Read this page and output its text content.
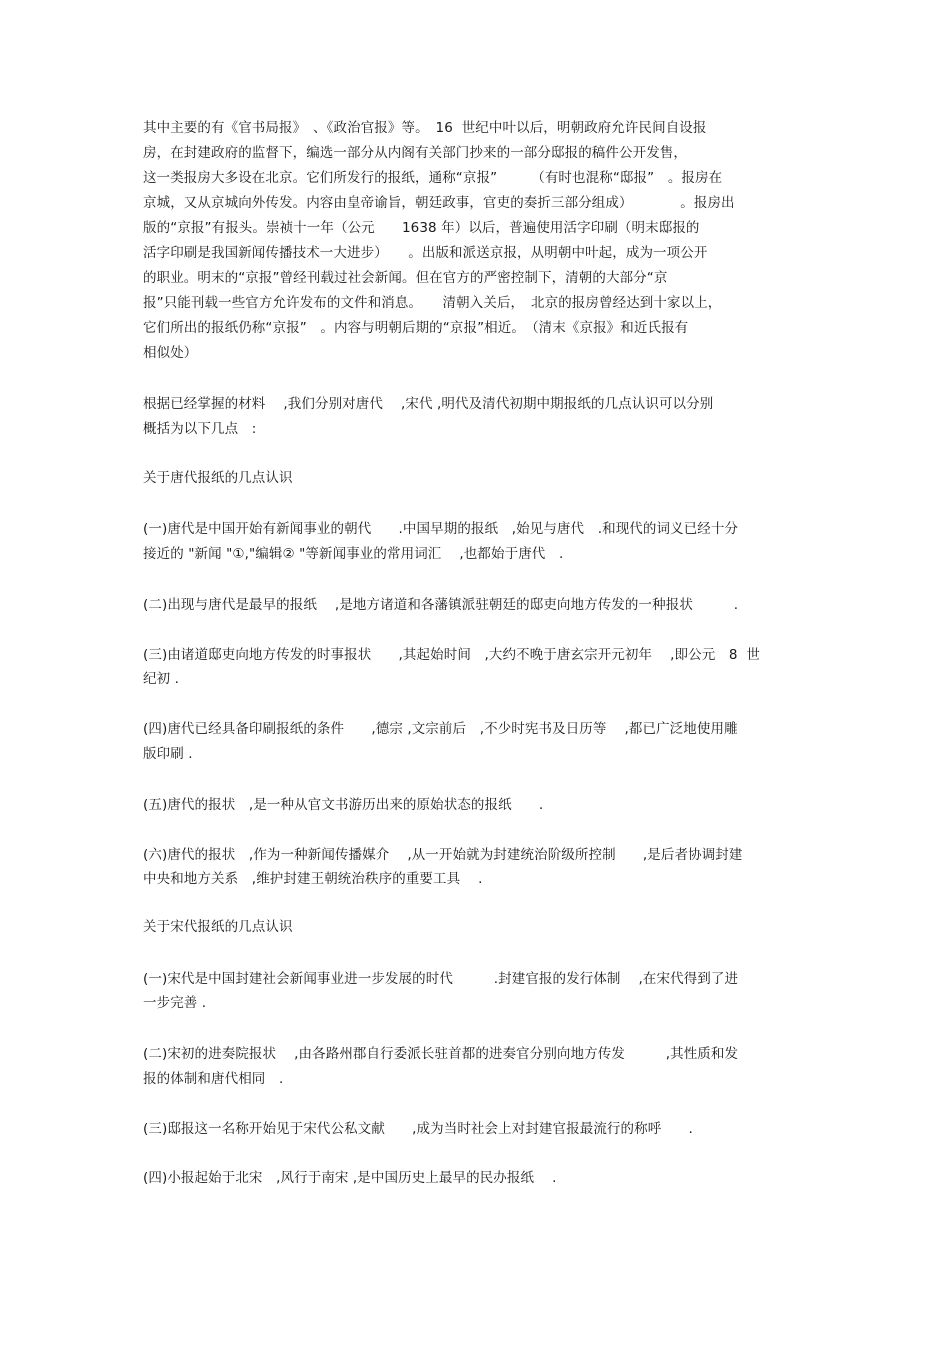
其中主要的有《官书局报》　、《政治官报》等。　16  世纪中叶以后，明朝政府允许民间自设报
房，在封建政府的监督下，编选一部分从内阁有关部门抄来的一部分邸报的稿件公开发售，
这一类报房大多设在北京。它们所发行的报纸，通称“京报”　　　（有时也混称“邸报”　。报房在
京城，又从京城向外传发。内容由皇帝谕旨，朝廷政事，官吏的奏折三部分组成）　　　　。报房出
版的“京报”有报头。崇祯十一年（公元　　1638 年）以后，普遍使用活字印刷（明末邸报的
活字印刷是我国新闻传播技术一大进步）　　。出版和派送京报，从明朝中叶起，成为一项公开
的职业。明末的“京报”曾经刊载过社会新闻。但在官方的严密控制下，清朝的大部分“京
报”只能刊载一些官方允许发布的文件和消息。　　清朝入关后，　北京的报房曾经达到十家以上，
它们所出的报纸仍称“京报”　。内容与明朝后期的“京报”相近。　（清末《京报》和近氏报有
相似处）
根据已经掌握的材料　 ,我们分别对唐代　 ,宋代 ,明代及清代初期中期报纸的几点认识可以分别
概括为以下几点　:
关于唐代报纸的几点认识
(一)唐代是中国开始有新闻事业的朝代　　.中国早期的报纸　,始见与唐代　.和现代的词义已经十分
接近的 "新闻 "①,"编辑② "等新闻事业的常用词汇　 ,也都始于唐代　.
(二)出现与唐代是最早的报纸　 ,是地方诸道和各藩镇派驻朝廷的邸吏向地方传发的一种报状　　　.
(三)由诸道邸吏向地方传发的时事报状　　,其起始时间　,大约不晚于唐玄宗开元初年　 ,即公元　8  世
纪初 .
(四)唐代已经具备印刷报纸的条件　　,德宗 ,文宗前后　,不少时宪书及日历等　 ,都已广泛地使用雕
版印刷 .
(五)唐代的报状　,是一种从官文书游历出来的原始状态的报纸　　.
(六)唐代的报状　,作为一种新闻传播媒介　 ,从一开始就为封建统治阶级所控制　　,是后者协调封建
中央和地方关系　,维护封建王朝统治秩序的重要工具　 .
关于宋代报纸的几点认识
(一)宋代是中国封建社会新闻事业进一步发展的时代　　　.封建官报的发行体制　 ,在宋代得到了进
一步完善 .
(二)宋初的进奏院报状　 ,由各路州郡自行委派长驻首都的进奏官分别向地方传发　　　,其性质和发
报的体制和唐代相同　.
(三)邸报这一名称开始见于宋代公私文献　　,成为当时社会上对封建官报最流行的称呼　　.
(四)小报起始于北宋　,风行于南宋 ,是中国历史上最早的民办报纸　 .
